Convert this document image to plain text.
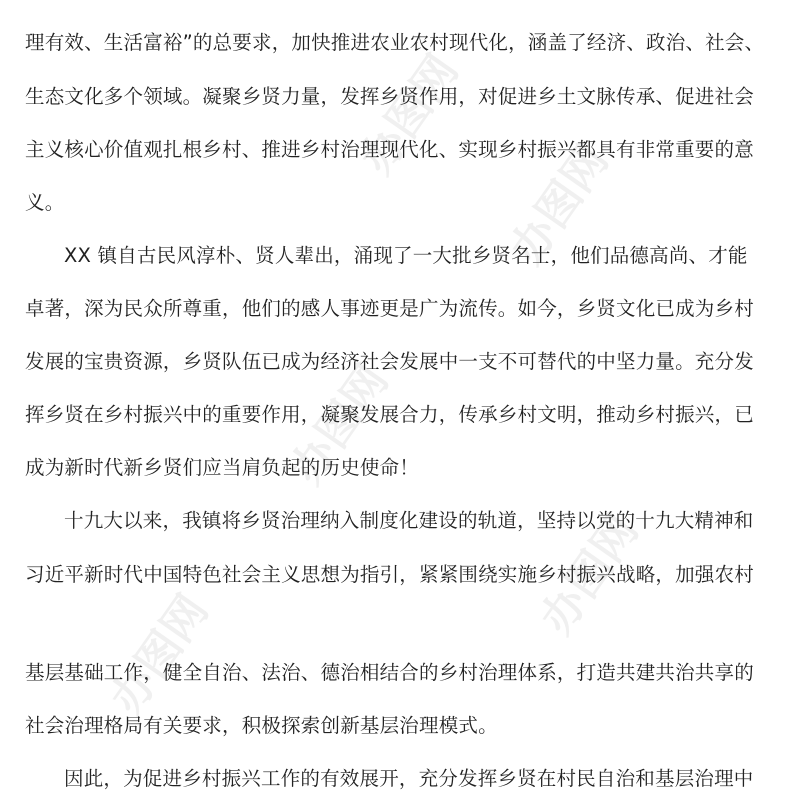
办图网
办图网
办图网
办图网
办图网
理有效、生活富裕”的总要求，加快推进农业农村现代化，涵盖了经济、政治、社会、
生态文化多个领域。凝聚乡贤力量，发挥乡贤作用，对促进乡土文脉传承、促进社会
主义核心价值观扎根乡村、推进乡村治理现代化、实现乡村振兴都具有非常重要的意
义。
XX 镇自古民风淳朴、贤人辈出，涌现了一大批乡贤名士，他们品德高尚、才能
卓著，深为民众所尊重，他们的感人事迹更是广为流传。如今，乡贤文化已成为乡村
发展的宝贵资源，乡贤队伍已成为经济社会发展中一支不可替代的中坚力量。充分发
挥乡贤在乡村振兴中的重要作用，凝聚发展合力，传承乡村文明，推动乡村振兴，已
成为新时代新乡贤们应当肩负起的历史使命！
十九大以来，我镇将乡贤治理纳入制度化建设的轨道，坚持以党的十九大精神和
习近平新时代中国特色社会主义思想为指引，紧紧围绕实施乡村振兴战略，加强农村
基层基础工作，健全自治、法治、德治相结合的乡村治理体系，打造共建共治共享的
社会治理格局有关要求，积极探索创新基层治理模式。
因此，为促进乡村振兴工作的有效展开，充分发挥乡贤在村民自治和基层治理中
